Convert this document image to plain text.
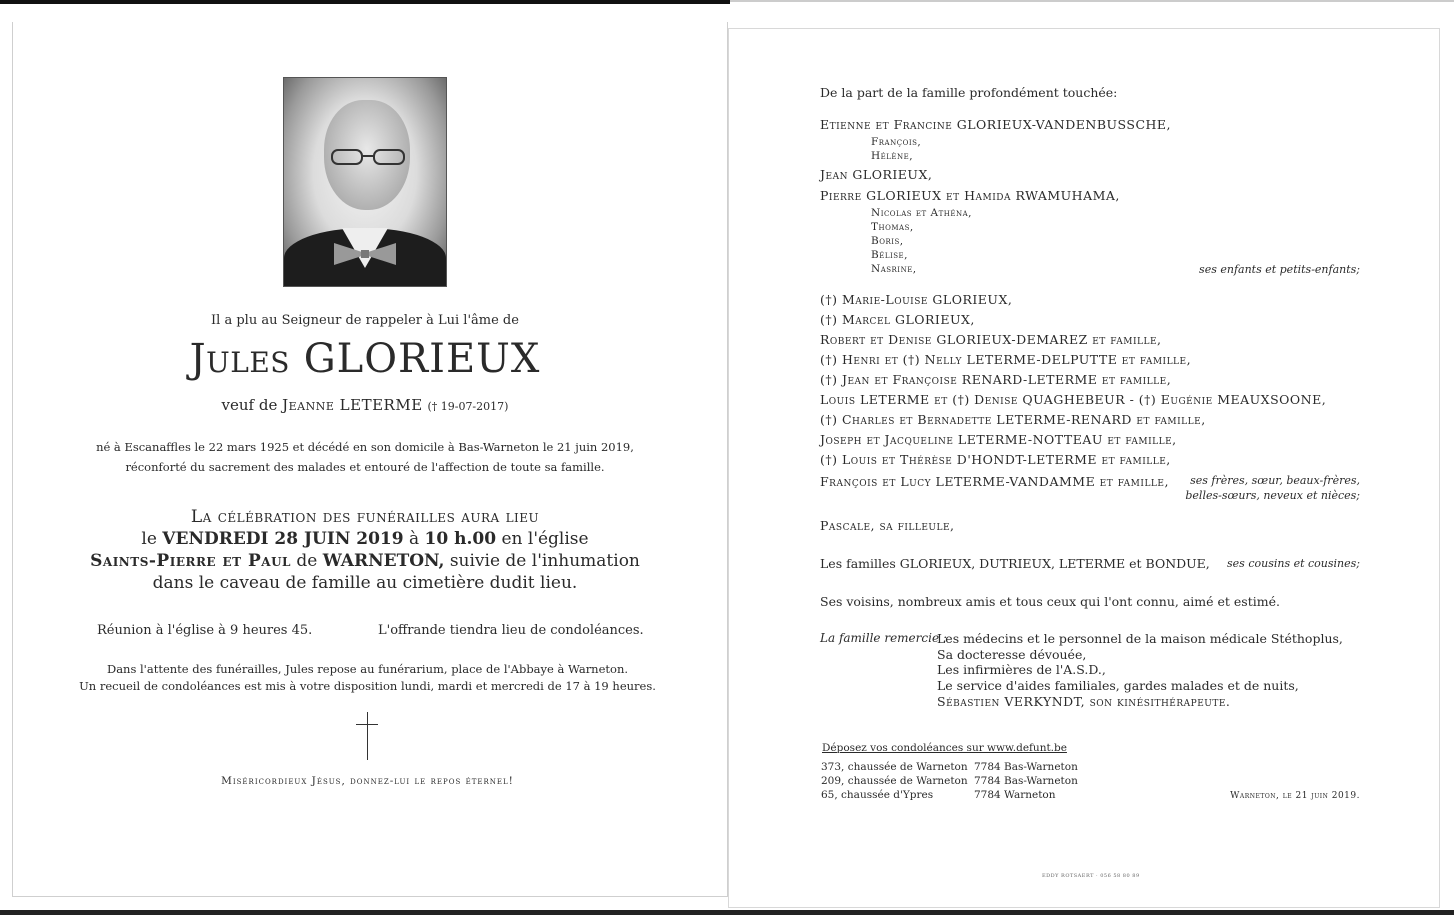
Il a plu au Seigneur de rappeler à Lui l'âme de
Jules GLORIEUX
veuf de Jeanne LETERME († 19-07-2017)
né à Escanaffles le 22 mars 1925 et décédé en son domicile à Bas-Warneton le 21 juin 2019,
réconforté du sacrement des malades et entouré de l'affection de toute sa famille.
La célébration des funérailles aura lieu
le VENDREDI 28 JUIN 2019 à 10 h.00 en l'église
Saints-Pierre et Paul de WARNETON, suivie de l'inhumation
dans le caveau de famille au cimetière dudit lieu.
Réunion à l'église à 9 heures 45.	L'offrande tiendra lieu de condoléances.
Dans l'attente des funérailles, Jules repose au funérarium, place de l'Abbaye à Warneton.
Un recueil de condoléances est mis à votre disposition lundi, mardi et mercredi de 17 à 19 heures.
Miséricordieux Jésus, donnez-lui le repos éternel!
De la part de la famille profondément touchée:
Etienne et Francine GLORIEUX-VANDENBUSSCHE,
François,
Hélène,
Jean GLORIEUX,
Pierre GLORIEUX et Hamida RWAMUHAMA,
Nicolas et Athéna,
Thomas,
Boris,
Bélise,
Nasrine,	ses enfants et petits-enfants;
(†) Marie-Louise GLORIEUX,
(†) Marcel GLORIEUX,
Robert et Denise GLORIEUX-DEMAREZ et famille,
(†) Henri et (†) Nelly LETERME-DELPUTTE et famille,
(†) Jean et Françoise RENARD-LETERME et famille,
Louis LETERME et (†) Denise QUAGHEBEUR - (†) Eugénie MEAUXSOONE,
(†) Charles et Bernadette LETERME-RENARD et famille,
Joseph et Jacqueline LETERME-NOTTEAU et famille,
(†) Louis et Thérèse D'HONDT-LETERME et famille,
François et Lucy LETERME-VANDAMME et famille,	ses frères, sœur, beaux-frères,
belles-sœurs, neveux et nièces;
Pascale, sa filleule,
Les familles GLORIEUX, DUTRIEUX, LETERME et BONDUE,	ses cousins et cousines;
Ses voisins, nombreux amis et tous ceux qui l'ont connu, aimé et estimé.
La famille remercie :
Les médecins et le personnel de la maison médicale Stéthoplus,
Sa docteresse dévouée,
Les infirmières de l'A.S.D.,
Le service d'aides familiales, gardes malades et de nuits,
Sébastien VERKYNDT, son kinésithérapeute.
Déposez vos condoléances sur www.defunt.be
373, chaussée de Warneton 7784 Bas-Warneton
209, chaussée de Warneton 7784 Bas-Warneton
65, chaussée d'Ypres	7784 Warneton	Warneton, le 21 juin 2019.
EDDY ROTSAERT · 056 58 80 89
